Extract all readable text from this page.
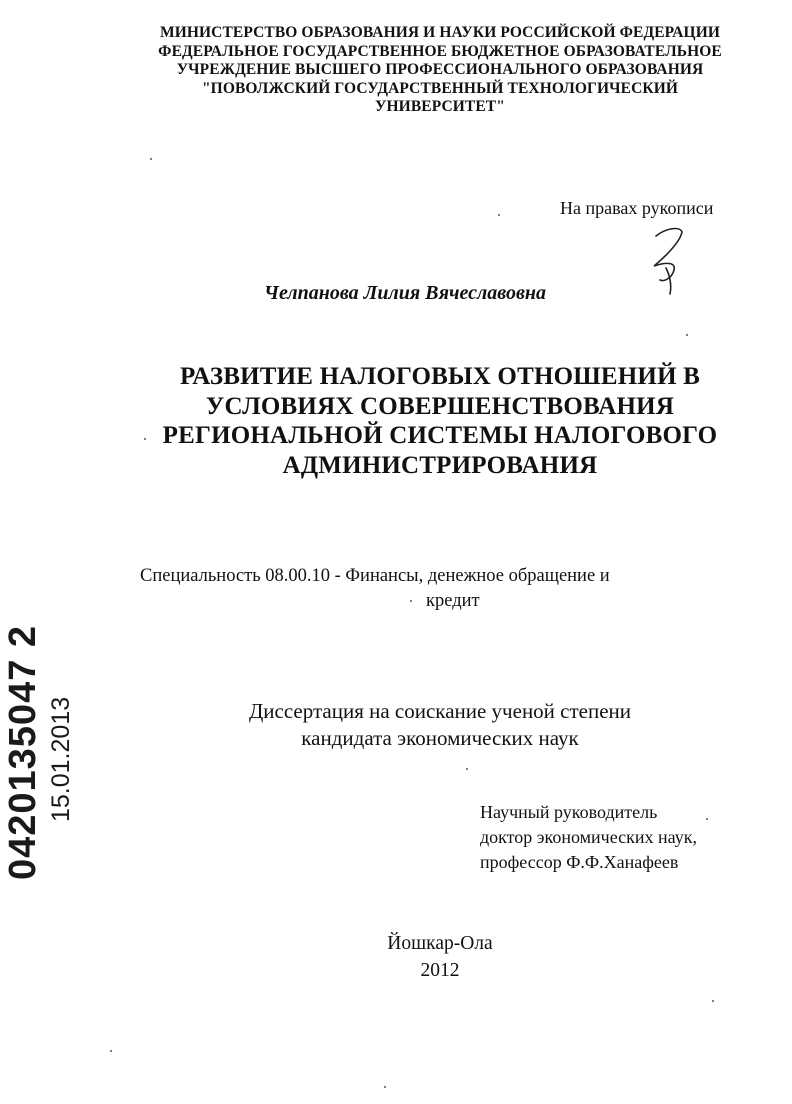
МИНИСТЕРСТВО ОБРАЗОВАНИЯ И НАУКИ РОССИЙСКОЙ ФЕДЕРАЦИИ
ФЕДЕРАЛЬНОЕ ГОСУДАРСТВЕННОЕ БЮДЖЕТНОЕ ОБРАЗОВАТЕЛЬНОЕ
УЧРЕЖДЕНИЕ ВЫСШЕГО ПРОФЕССИОНАЛЬНОГО ОБРАЗОВАНИЯ
"ПОВОЛЖСКИЙ ГОСУДАРСТВЕННЫЙ ТЕХНОЛОГИЧЕСКИЙ
УНИВЕРСИТЕТ"
На правах рукописи
Челпанова Лилия Вячеславовна
РАЗВИТИЕ НАЛОГОВЫХ ОТНОШЕНИЙ В
УСЛОВИЯХ СОВЕРШЕНСТВОВАНИЯ
РЕГИОНАЛЬНОЙ СИСТЕМЫ НАЛОГОВОГО
АДМИНИСТРИРОВАНИЯ
Специальность 08.00.10 - Финансы, денежное обращение и
кредит
Диссертация на соискание ученой степени
кандидата экономических наук
Научный руководитель
доктор экономических наук,
профессор Ф.Ф.Ханафеев
Йошкар-Ола
2012
0420135047 2 15.01.2013
